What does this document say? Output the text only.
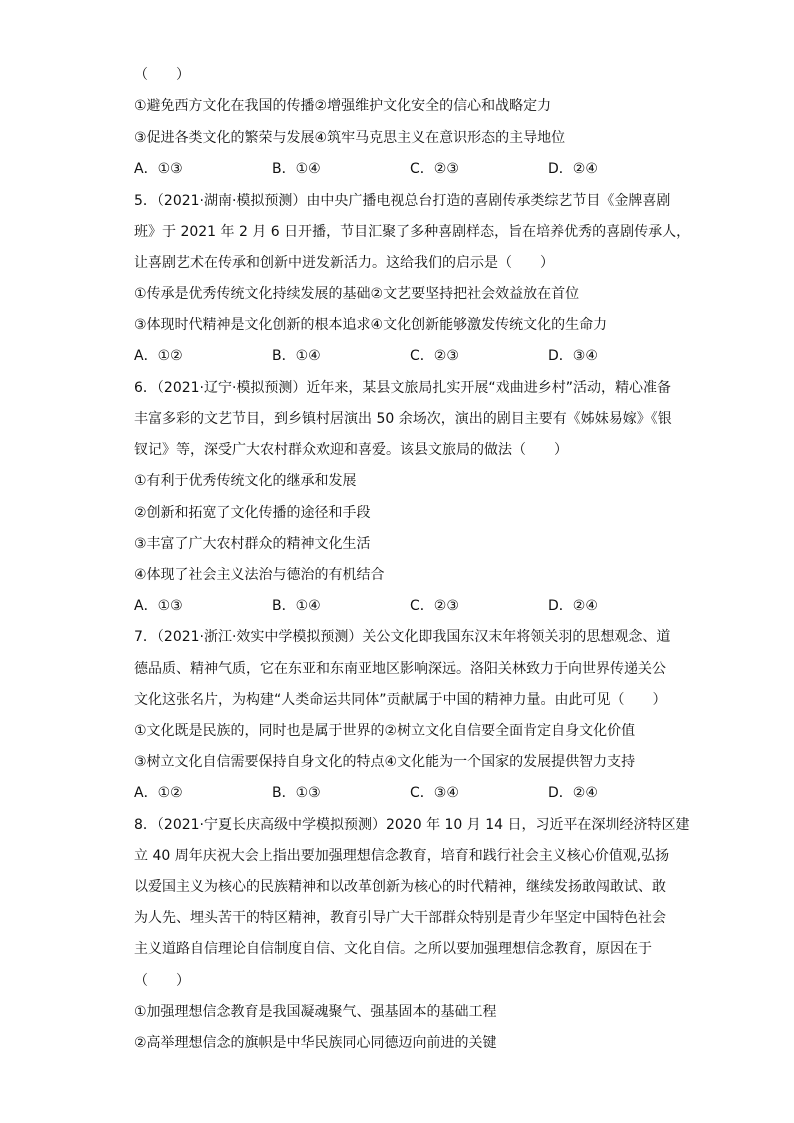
（　　）
①避免西方文化在我国的传播②增强维护文化安全的信心和战略定力
③促进各类文化的繁荣与发展④筑牢马克思主义在意识形态的主导地位
A．①③	B．①④	C．②③	D．②④
5．（2021·湖南·模拟预测）由中央广播电视总台打造的喜剧传承类综艺节目《金牌喜剧
班》于 2021 年 2 月 6 日开播，节目汇聚了多种喜剧样态，旨在培养优秀的喜剧传承人，
让喜剧艺术在传承和创新中迸发新活力。这给我们的启示是（　　）
①传承是优秀传统文化持续发展的基础②文艺要坚持把社会效益放在首位
③体现时代精神是文化创新的根本追求④文化创新能够激发传统文化的生命力
A．①②	B．①④	C．②③	D．③④
6．（2021·辽宁·模拟预测）近年来，某县文旅局扎实开展“戏曲进乡村”活动，精心准备
丰富多彩的文艺节目，到乡镇村居演出 50 余场次，演出的剧目主要有《姊妹易嫁》《银
钗记》等，深受广大农村群众欢迎和喜爱。该县文旅局的做法（　　）
①有利于优秀传统文化的继承和发展
②创新和拓宽了文化传播的途径和手段
③丰富了广大农村群众的精神文化生活
④体现了社会主义法治与德治的有机结合
A．①③	B．①④	C．②③	D．②④
7．（2021·浙江·效实中学模拟预测）关公文化即我国东汉末年将领关羽的思想观念、道
德品质、精神气质，它在东亚和东南亚地区影响深远。洛阳关林致力于向世界传递关公
文化这张名片，为构建“人类命运共同体”贡献属于中国的精神力量。由此可见（　　）
①文化既是民族的，同时也是属于世界的②树立文化自信要全面肯定自身文化价值
③树立文化自信需要保持自身文化的特点④文化能为一个国家的发展提供智力支持
A．①②	B．①③	C．③④	D．②④
8．（2021·宁夏长庆高级中学模拟预测）2020 年 10 月 14 日，习近平在深圳经济特区建
立 40 周年庆祝大会上指出要加强理想信念教育，培育和践行社会主义核心价值观,弘扬
以爱国主义为核心的民族精神和以改革创新为核心的时代精神，继续发扬敢闯敢试、敢
为人先、埋头苦干的特区精神，教育引导广大干部群众特别是青少年坚定中国特色社会
主义道路自信理论自信制度自信、文化自信。之所以要加强理想信念教育，原因在于
（　　）
①加强理想信念教育是我国凝魂聚气、强基固本的基础工程
②高举理想信念的旗帜是中华民族同心同德迈向前进的关键
